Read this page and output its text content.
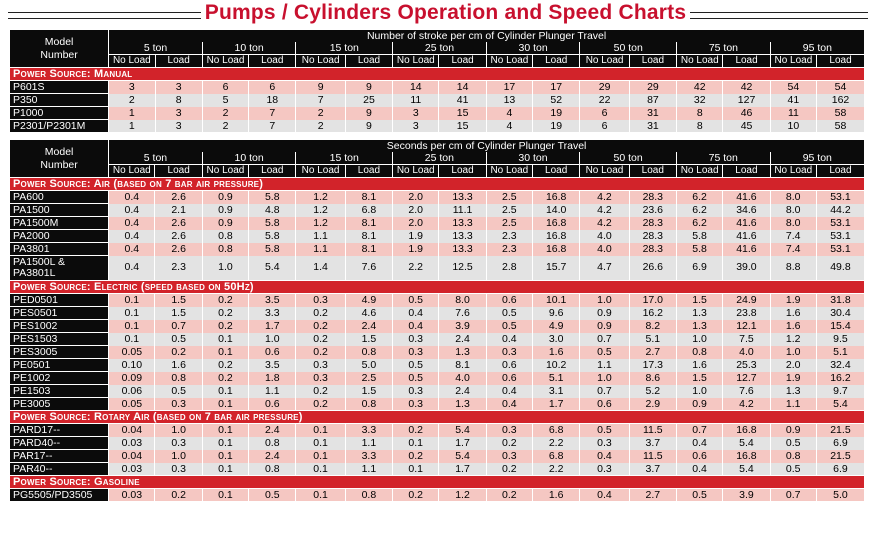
Pumps / Cylinders Operation and Speed Charts
Model
Number	Number of stroke per cm of Cylinder Plunger Travel															
	5 ton		10 ton		15 ton		25 ton		30 ton		50 ton		75 ton		95 ton	
	No Load	Load	No Load	Load	No Load	Load	No Load	Load	No Load	Load	No Load	Load	No Load	Load	No Load	Load
Power Source: Manual																
P601S	3	3	6	6	9	9	14	14	17	17	29	29	42	42	54	54
P350	2	8	5	18	7	25	11	41	13	52	22	87	32	127	41	162
P1000	1	3	2	7	2	9	3	15	4	19	6	31	8	46	11	58
P2301/P2301M	1	3	2	7	2	9	3	15	4	19	6	31	8	45	10	58
Model
Number	Seconds per cm of Cylinder Plunger Travel															
	5 ton		10 ton		15 ton		25 ton		30 ton		50 ton		75 ton		95 ton	
	No Load	Load	No Load	Load	No Load	Load	No Load	Load	No Load	Load	No Load	Load	No Load	Load	No Load	Load
Power Source: Air (based on 7 bar air pressure)																
PA600	0.4	2.6	0.9	5.8	1.2	8.1	2.0	13.3	2.5	16.8	4.2	28.3	6.2	41.6	8.0	53.1
PA1500	0.4	2.1	0.9	4.8	1.2	6.8	2.0	11.1	2.5	14.0	4.2	23.6	6.2	34.6	8.0	44.2
PA1500M	0.4	2.6	0.9	5.8	1.2	8.1	2.0	13.3	2.5	16.8	4.2	28.3	6.2	41.6	8.0	53.1
PA2000	0.4	2.6	0.8	5.8	1.1	8.1	1.9	13.3	2.3	16.8	4.0	28.3	5.8	41.6	7.4	53.1
PA3801	0.4	2.6	0.8	5.8	1.1	8.1	1.9	13.3	2.3	16.8	4.0	28.3	5.8	41.6	7.4	53.1
PA1500L &
PA3801L	0.4	2.3	1.0	5.4	1.4	7.6	2.2	12.5	2.8	15.7	4.7	26.6	6.9	39.0	8.8	49.8
Power Source: Electric (speed based on 50Hz)																
PED0501	0.1	1.5	0.2	3.5	0.3	4.9	0.5	8.0	0.6	10.1	1.0	17.0	1.5	24.9	1.9	31.8
PES0501	0.1	1.5	0.2	3.3	0.2	4.6	0.4	7.6	0.5	9.6	0.9	16.2	1.3	23.8	1.6	30.4
PES1002	0.1	0.7	0.2	1.7	0.2	2.4	0.4	3.9	0.5	4.9	0.9	8.2	1.3	12.1	1.6	15.4
PES1503	0.1	0.5	0.1	1.0	0.2	1.5	0.3	2.4	0.4	3.0	0.7	5.1	1.0	7.5	1.2	9.5
PES3005	0.05	0.2	0.1	0.6	0.2	0.8	0.3	1.3	0.3	1.6	0.5	2.7	0.8	4.0	1.0	5.1
PE0501	0.10	1.6	0.2	3.5	0.3	5.0	0.5	8.1	0.6	10.2	1.1	17.3	1.6	25.3	2.0	32.4
PE1002	0.09	0.8	0.2	1.8	0.3	2.5	0.5	4.0	0.6	5.1	1.0	8.6	1.5	12.7	1.9	16.2
PE1503	0.06	0.5	0.1	1.1	0.2	1.5	0.3	2.4	0.4	3.1	0.7	5.2	1.0	7.6	1.3	9.7
PE3005	0.05	0.3	0.1	0.6	0.2	0.8	0.3	1.3	0.4	1.7	0.6	2.9	0.9	4.2	1.1	5.4
Power Source: Rotary Air (based on 7 bar air pressure)																
PARD17--	0.04	1.0	0.1	2.4	0.1	3.3	0.2	5.4	0.3	6.8	0.5	11.5	0.7	16.8	0.9	21.5
PARD40--	0.03	0.3	0.1	0.8	0.1	1.1	0.1	1.7	0.2	2.2	0.3	3.7	0.4	5.4	0.5	6.9
PAR17--	0.04	1.0	0.1	2.4	0.1	3.3	0.2	5.4	0.3	6.8	0.4	11.5	0.6	16.8	0.8	21.5
PAR40--	0.03	0.3	0.1	0.8	0.1	1.1	0.1	1.7	0.2	2.2	0.3	3.7	0.4	5.4	0.5	6.9
Power Source: Gasoline																
PG5505/PD3505	0.03	0.2	0.1	0.5	0.1	0.8	0.2	1.2	0.2	1.6	0.4	2.7	0.5	3.9	0.7	5.0
